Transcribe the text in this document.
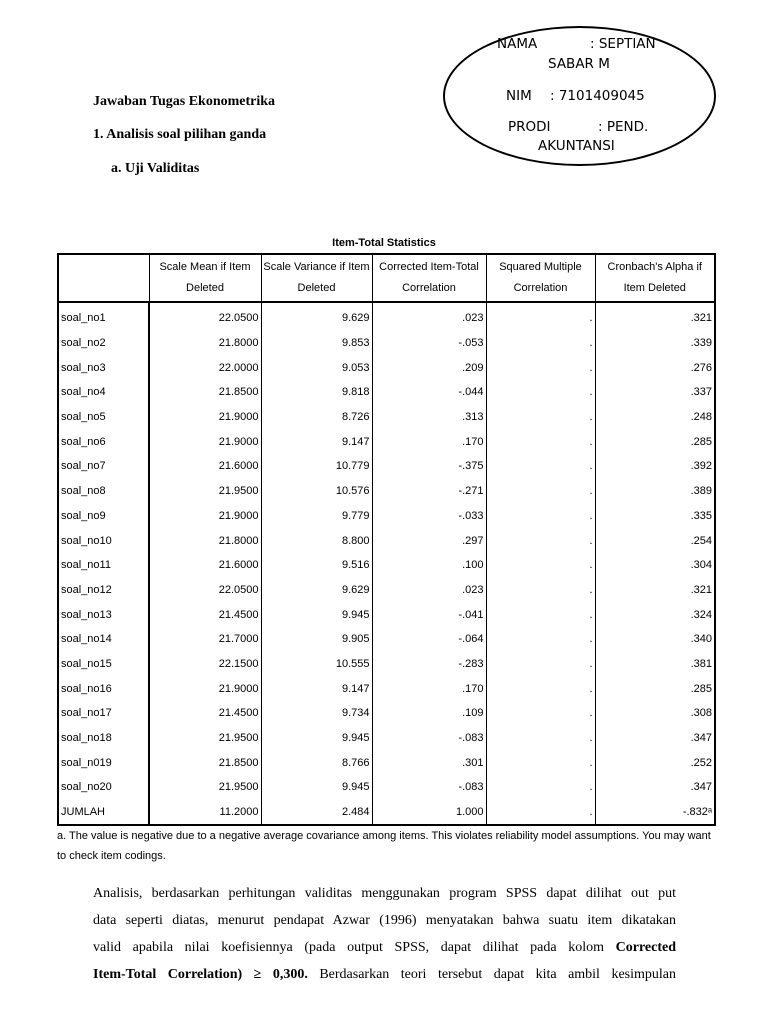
NAMA	: SEPTIAN
SABAR M
NIM : 7101409045
PRODI	: PEND.
AKUNTANSI
Jawaban Tugas Ekonometrika
1. Analisis soal pilihan ganda
a. Uji Validitas
Item-Total Statistics
	Scale Mean if Item Deleted	Scale Variance if Item Deleted	Corrected Item-Total Correlation	Squared Multiple Correlation	Cronbach's Alpha if Item Deleted
soal_no1	22.0500	9.629	.023	.	.321
soal_no2	21.8000	9.853	-.053	.	.339
soal_no3	22.0000	9.053	.209	.	.276
soal_no4	21.8500	9.818	-.044	.	.337
soal_no5	21.9000	8.726	.313	.	.248
soal_no6	21.9000	9.147	.170	.	.285
soal_no7	21.6000	10.779	-.375	.	.392
soal_no8	21.9500	10.576	-.271	.	.389
soal_no9	21.9000	9.779	-.033	.	.335
soal_no10	21.8000	8.800	.297	.	.254
soal_no11	21.6000	9.516	.100	.	.304
soal_no12	22.0500	9.629	.023	.	.321
soal_no13	21.4500	9.945	-.041	.	.324
soal_no14	21.7000	9.905	-.064	.	.340
soal_no15	22.1500	10.555	-.283	.	.381
soal_no16	21.9000	9.147	.170	.	.285
soal_no17	21.4500	9.734	.109	.	.308
soal_no18	21.9500	9.945	-.083	.	.347
soal_n019	21.8500	8.766	.301	.	.252
soal_no20	21.9500	9.945	-.083	.	.347
JUMLAH	11.2000	2.484	1.000	.	-.832ᵃ
a. The value is negative due to a negative average covariance among items. This violates reliability model assumptions. You may want to check item codings.
Analisis, berdasarkan perhitungan validitas menggunakan program SPSS dapat dilihat out put
data seperti diatas, menurut pendapat Azwar (1996) menyatakan bahwa suatu item dikatakan
valid apabila nilai koefisiennya (pada output SPSS, dapat dilihat pada kolom Corrected
Item-Total Correlation) ≥ 0,300. Berdasarkan teori tersebut dapat kita ambil kesimpulan
